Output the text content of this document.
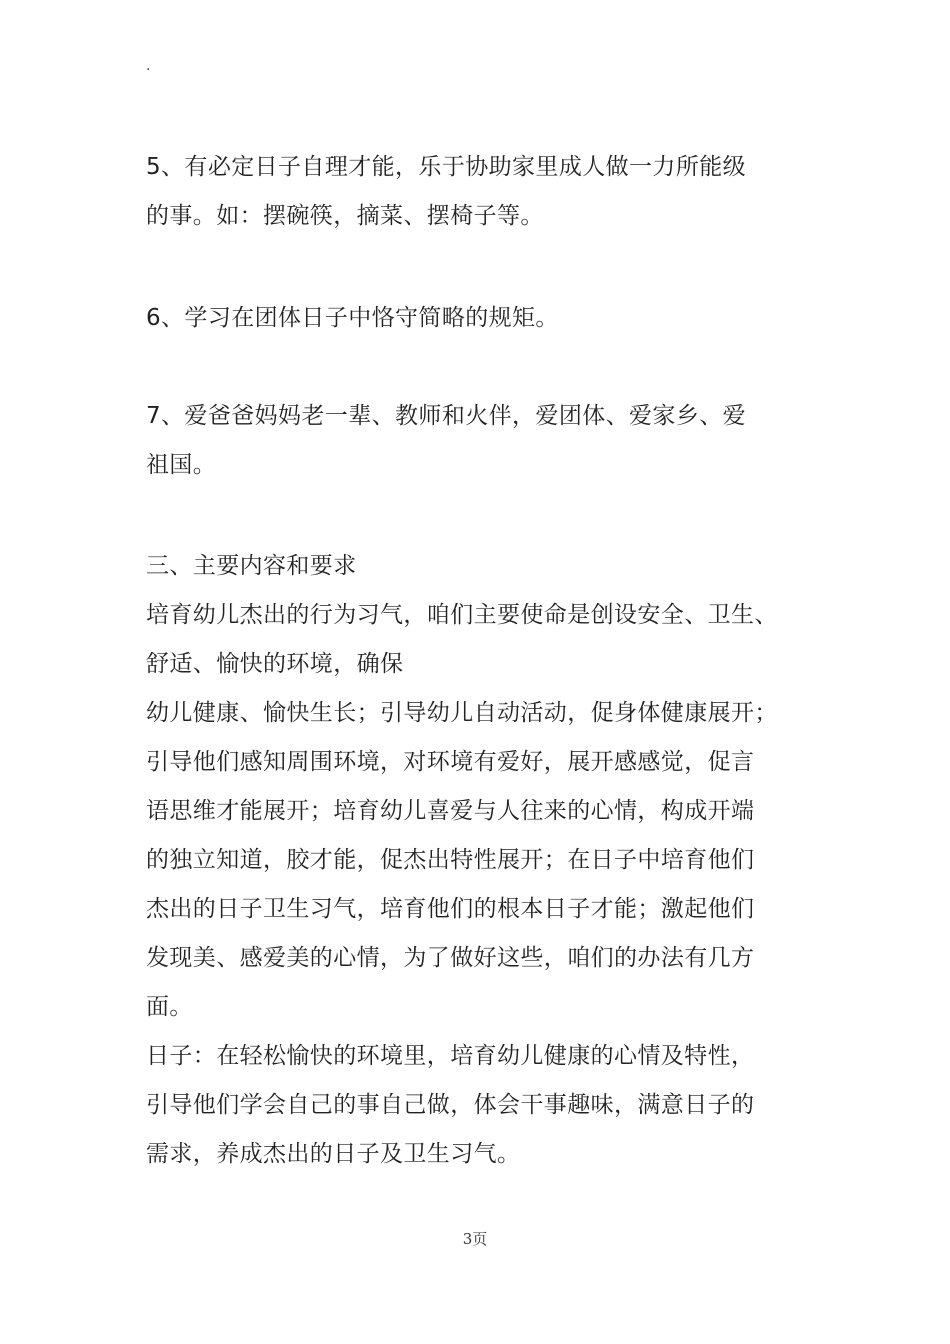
.
5、有必定日子自理才能，乐于协助家里成人做一力所能级
的事。如：摆碗筷，摘菜、摆椅子等。
6、学习在团体日子中恪守简略的规矩。
7、爱爸爸妈妈老一辈、教师和火伴，爱团体、爱家乡、爱
祖国。
三、主要内容和要求
培育幼儿杰出的行为习气，咱们主要使命是创设安全、卫生、
舒适、愉快的环境，确保
幼儿健康、愉快生长；引导幼儿自动活动，促身体健康展开；
引导他们感知周围环境，对环境有爱好，展开感感觉，促言
语思维才能展开；培育幼儿喜爱与人往来的心情，构成开端
的独立知道，胶才能，促杰出特性展开；在日子中培育他们
杰出的日子卫生习气，培育他们的根本日子才能；激起他们
发现美、感爱美的心情，为了做好这些，咱们的办法有几方
面。
日子：在轻松愉快的环境里，培育幼儿健康的心情及特性，
引导他们学会自己的事自己做，体会干事趣味，满意日子的
需求，养成杰出的日子及卫生习气。
3页
